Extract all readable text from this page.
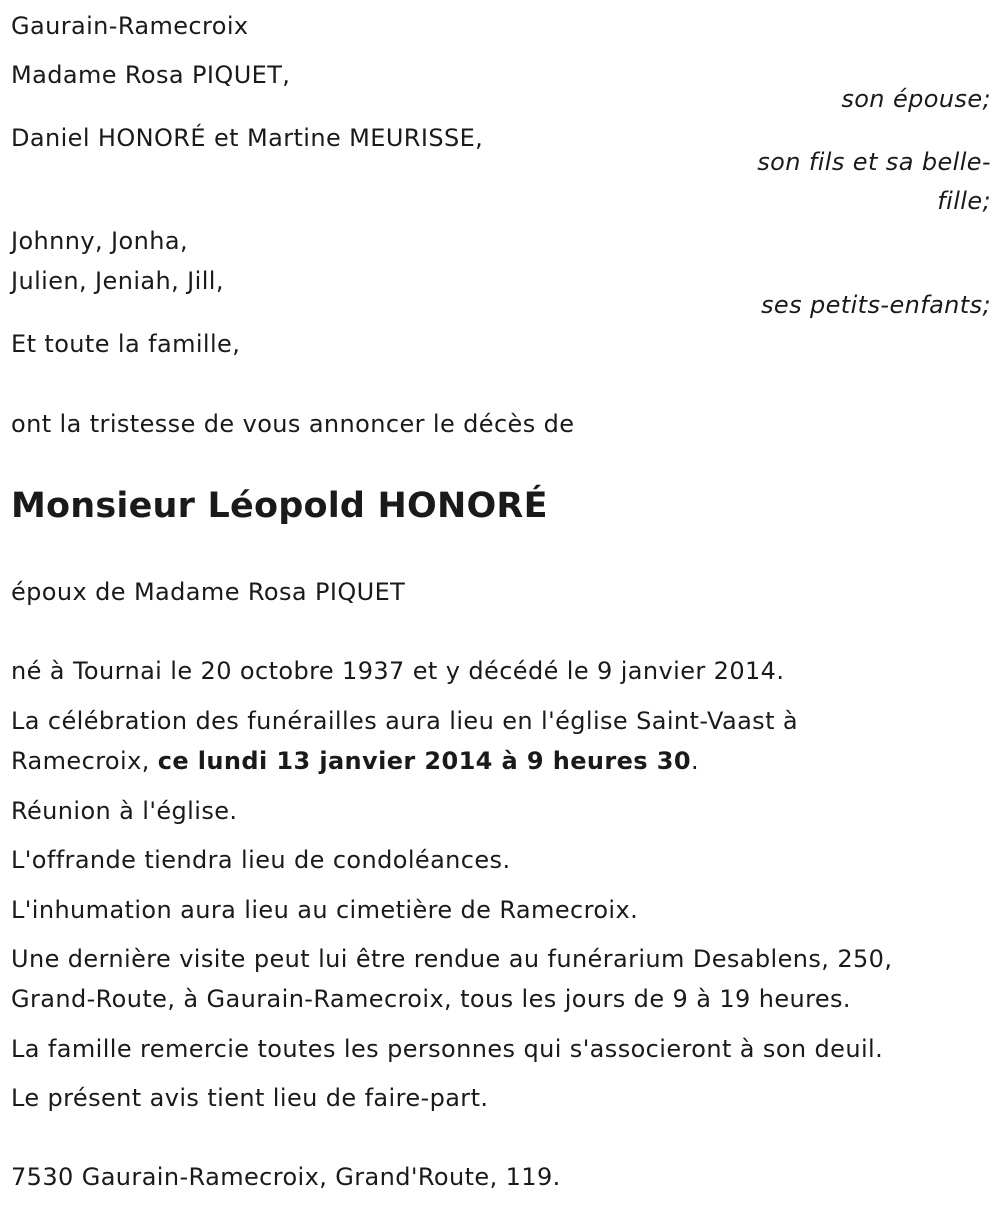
Gaurain-Ramecroix
Madame Rosa PIQUET,
son épouse;
Daniel HONORÉ et Martine MEURISSE,
son fils et sa belle-
fille;
Johnny, Jonha,
Julien, Jeniah, Jill,
ses petits-enfants;
Et toute la famille,
ont la tristesse de vous annoncer le décès de
Monsieur Léopold HONORÉ
époux de Madame Rosa PIQUET
né à Tournai le 20 octobre 1937 et y décédé le 9 janvier 2014.
La célébration des funérailles aura lieu en l'église Saint-Vaast à
Ramecroix, ce lundi 13 janvier 2014 à 9 heures 30.
Réunion à l'église.
L'offrande tiendra lieu de condoléances.
L'inhumation aura lieu au cimetière de Ramecroix.
Une dernière visite peut lui être rendue au funérarium Desablens, 250,
Grand-Route, à Gaurain-Ramecroix, tous les jours de 9 à 19 heures.
La famille remercie toutes les personnes qui s'associeront à son deuil.
Le présent avis tient lieu de faire-part.
7530 Gaurain-Ramecroix, Grand'Route, 119.
